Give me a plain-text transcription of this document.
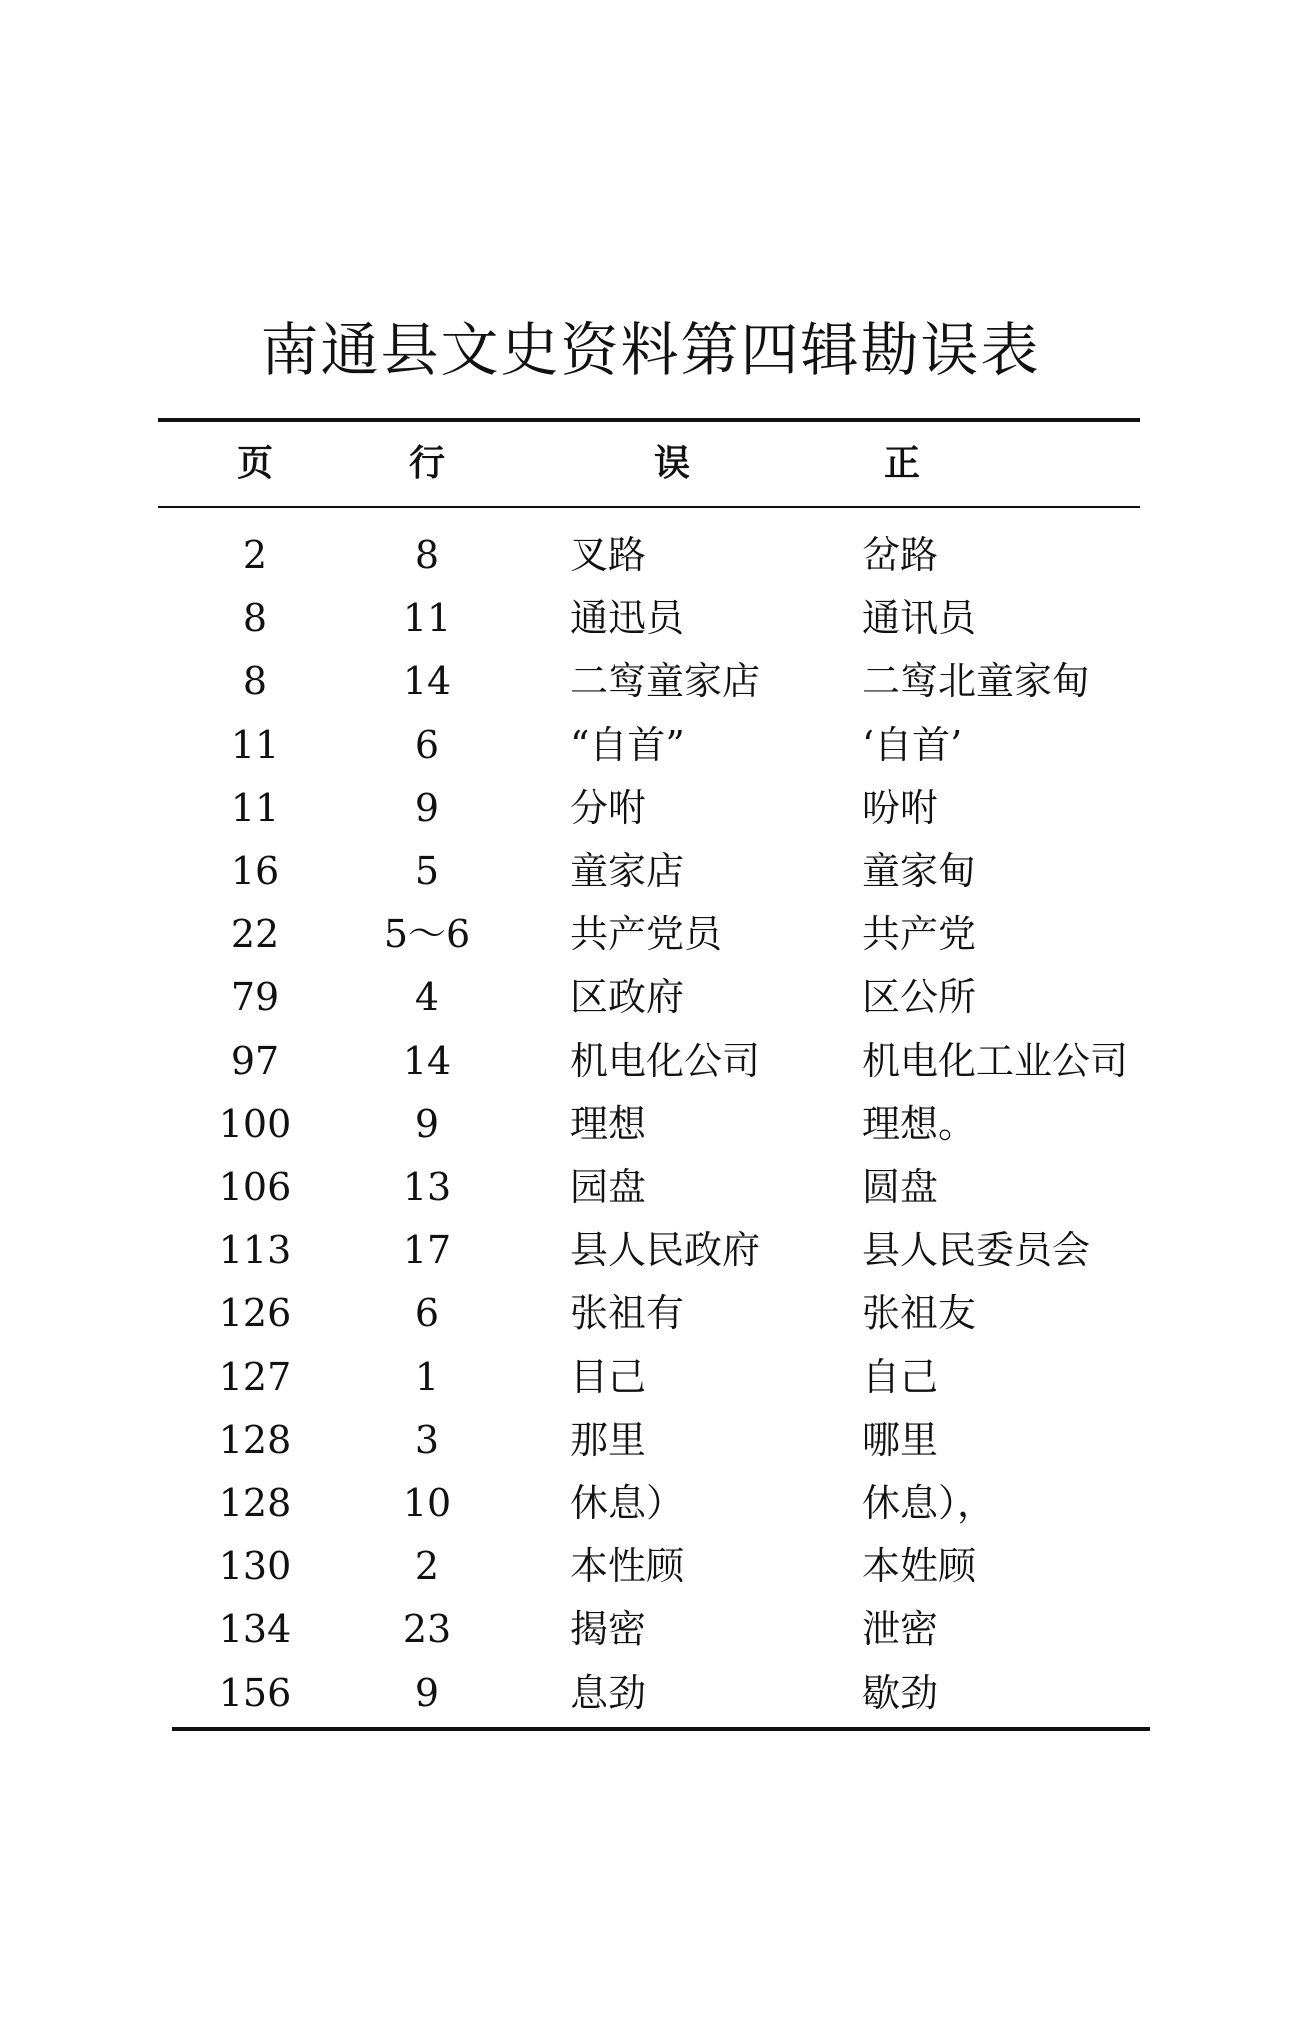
南通县文史资料第四辑勘误表
页	行	误	正
2	8	叉路	岔路
8	11	通迅员	通讯员
8	14	二窎童家店	二窎北童家甸
11	6	“自首”	‘自首’
11	9	分咐	吩咐
16	5	童家店	童家甸
22	5～6	共产党员	共产党
79	4	区政府	区公所
97	14	机电化公司	机电化工业公司
100	9	理想	理想。
106	13	园盘	圆盘
113	17	县人民政府	县人民委员会
126	6	张祖有	张祖友
127	1	目己	自己
128	3	那里	哪里
128	10	休息）	休息），
130	2	本性顾	本姓顾
134	23	揭密	泄密
156	9	息劲	歇劲
